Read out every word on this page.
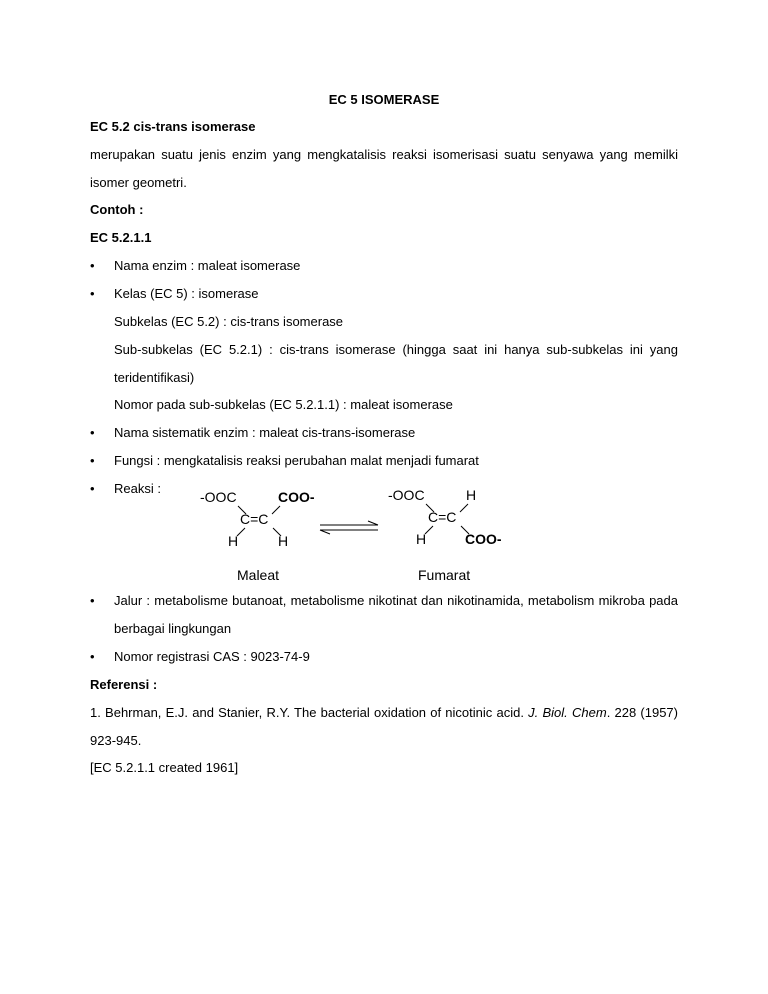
EC 5 ISOMERASE
EC 5.2 cis-trans isomerase
merupakan suatu jenis enzim yang mengkatalisis reaksi isomerisasi suatu senyawa yang memilki isomer geometri.
Contoh :
EC 5.2.1.1
• Nama enzim : maleat isomerase
• Kelas (EC 5) : isomerase
Subkelas (EC 5.2) : cis-trans isomerase
Sub-subkelas (EC 5.2.1) : cis-trans isomerase (hingga saat ini hanya sub-subkelas ini yang teridentifikasi)
Nomor pada sub-subkelas (EC 5.2.1.1) : maleat isomerase
• Nama sistematik enzim : maleat cis-trans-isomerase
• Fungsi : mengkatalisis reaksi perubahan malat menjadi fumarat
• Reaksi :
-OOC	COO-
C=C
H	H
Maleat
-OOC	H
C=C
H	COO-
Fumarat
• Jalur : metabolisme butanoat, metabolisme nikotinat dan nikotinamida, metabolism mikroba pada berbagai lingkungan
• Nomor registrasi CAS : 9023-74-9
Referensi :
1. Behrman, E.J. and Stanier, R.Y. The bacterial oxidation of nicotinic acid. J. Biol. Chem. 228 (1957) 923-945.
[EC 5.2.1.1 created 1961]
